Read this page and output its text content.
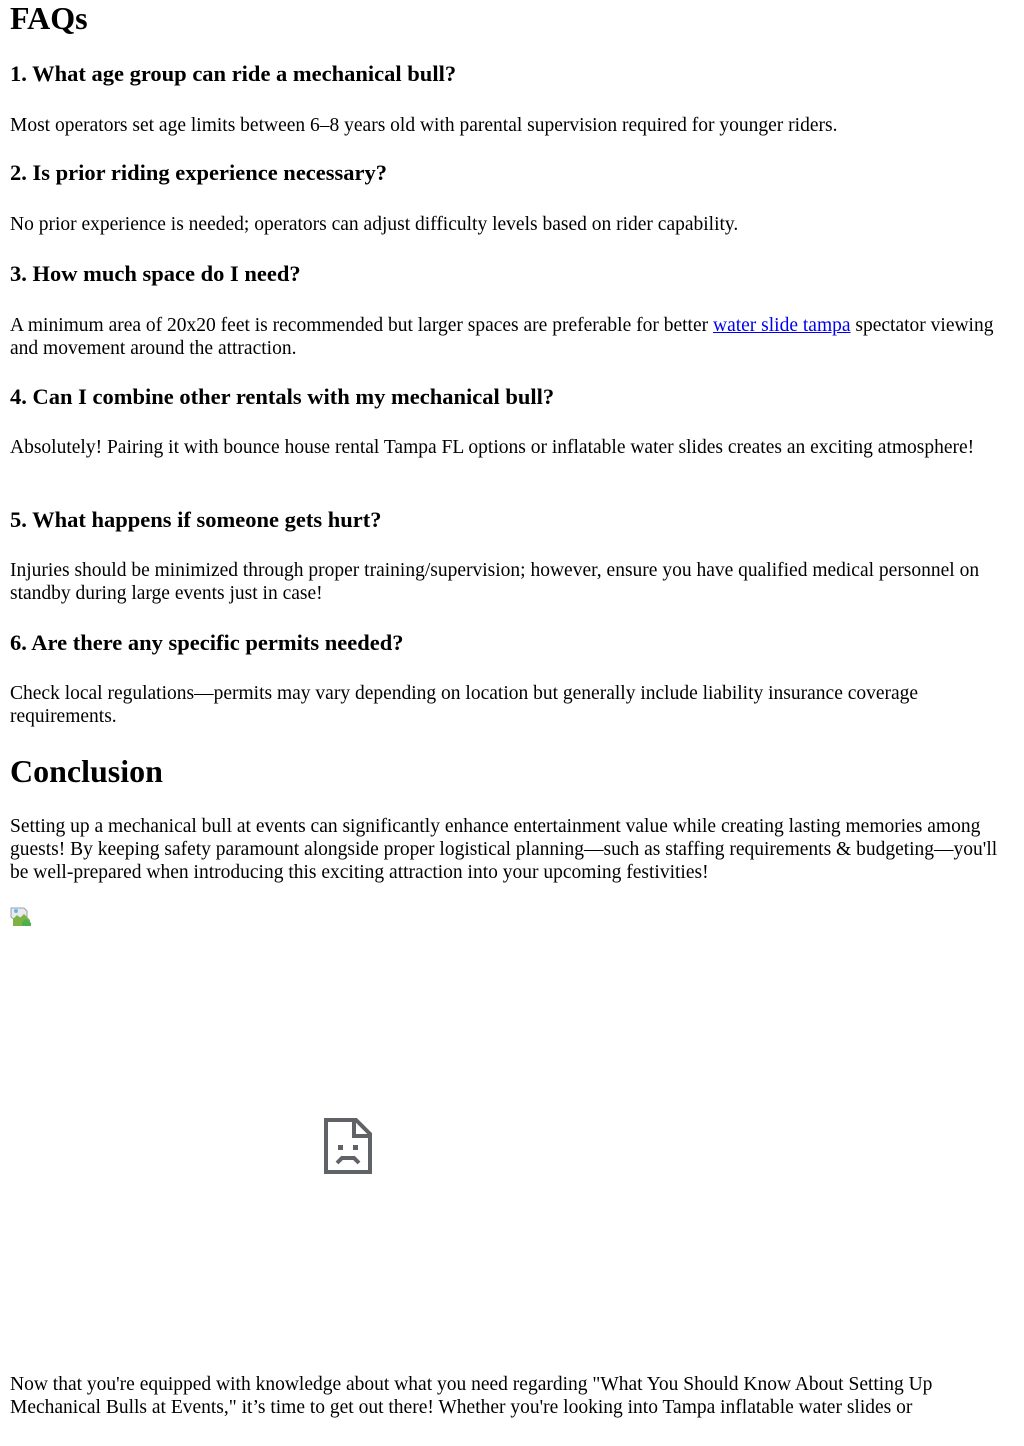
FAQs
1. What age group can ride a mechanical bull?

Most operators set age limits between 6–8 years old with parental supervision required for younger riders.

2. Is prior riding experience necessary?

No prior experience is needed; operators can adjust difficulty levels based on rider capability.

3. How much space do I need?

A minimum area of 20x20 feet is recommended but larger spaces are preferable for better water slide tampa spectator viewing and movement around the attraction.

4. Can I combine other rentals with my mechanical bull?

Absolutely! Pairing it with bounce house rental Tampa FL options or inflatable water slides creates an exciting atmosphere!

5. What happens if someone gets hurt?

Injuries should be minimized through proper training/supervision; however, ensure you have qualified medical personnel on standby during large events just in case!

6. Are there any specific permits needed?

Check local regulations—permits may vary depending on location but generally include liability insurance coverage requirements.

Conclusion

Setting up a mechanical bull at events can significantly enhance entertainment value while creating lasting memories among guests! By keeping safety paramount alongside proper logistical planning—such as staffing requirements & budgeting—you'll be well-prepared when introducing this exciting attraction into your upcoming festivities!

Now that you're equipped with knowledge about what you need regarding "What You Should Know About Setting Up Mechanical Bulls at Events," it’s time to get out there! Whether you're looking into Tampa inflatable water slides or
